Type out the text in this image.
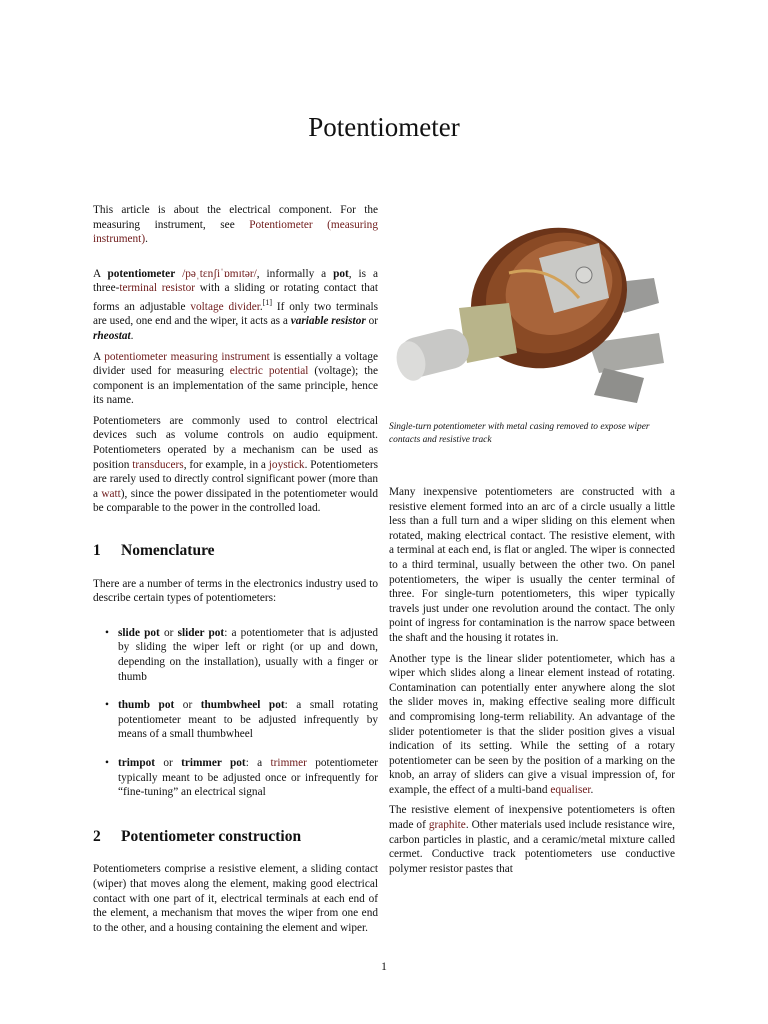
Potentiometer

This article is about the electrical component. For the measuring instrument, see Potentiometer (measuring instrument).

A potentiometer /pəˌtɛnʃiˈɒmɪtər/, informally a pot, is a three-terminal resistor with a sliding or rotating contact that forms an adjustable voltage divider.[1] If only two terminals are used, one end and the wiper, it acts as a variable resistor or rheostat.

A potentiometer measuring instrument is essentially a voltage divider used for measuring electric potential (voltage); the component is an implementation of the same principle, hence its name.

Potentiometers are commonly used to control electrical devices such as volume controls on audio equipment. Potentiometers operated by a mechanism can be used as position transducers, for example, in a joystick. Potentiometers are rarely used to directly control significant power (more than a watt), since the power dissipated in the potentiometer would be comparable to the power in the controlled load.

1 Nomenclature

There are a number of terms in the electronics industry used to describe certain types of potentiometers:

• slide pot or slider pot: a potentiometer that is adjusted by sliding the wiper left or right (or up and down, depending on the installation), usually with a finger or thumb
• thumb pot or thumbwheel pot: a small rotating potentiometer meant to be adjusted infrequently by means of a small thumbwheel
• trimpot or trimmer pot: a trimmer potentiometer typically meant to be adjusted once or infrequently for “fine-tuning” an electrical signal
2 Potentiometer construction

Potentiometers comprise a resistive element, a sliding contact (wiper) that moves along the element, making good electrical contact with one part of it, electrical terminals at each end of the element, a mechanism that moves the wiper from one end to the other, and a housing containing the element and wiper.

Single-turn potentiometer with metal casing removed to expose wiper contacts and resistive track

Many inexpensive potentiometers are constructed with a resistive element formed into an arc of a circle usually a little less than a full turn and a wiper sliding on this element when rotated, making electrical contact. The resistive element, with a terminal at each end, is flat or angled. The wiper is connected to a third terminal, usually between the other two. On panel potentiometers, the wiper is usually the center terminal of three. For single-turn potentiometers, this wiper typically travels just under one revolution around the contact. The only point of ingress for contamination is the narrow space between the shaft and the housing it rotates in.

Another type is the linear slider potentiometer, which has a wiper which slides along a linear element instead of rotating. Contamination can potentially enter anywhere along the slot the slider moves in, making effective sealing more difficult and compromising long-term reliability. An advantage of the slider potentiometer is that the slider position gives a visual indication of its setting. While the setting of a rotary potentiometer can be seen by the position of a marking on the knob, an array of sliders can give a visual impression of, for example, the effect of a multi-band equaliser.

The resistive element of inexpensive potentiometers is often made of graphite. Other materials used include resistance wire, carbon particles in plastic, and a ceramic/metal mixture called cermet. Conductive track potentiometers use conductive polymer resistor pastes that

1
